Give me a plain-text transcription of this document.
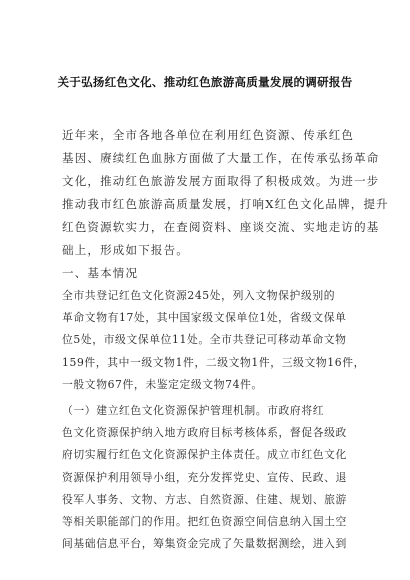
关于弘扬红色文化、推动红色旅游高质量发展的调研报告
近年来，全市各地各单位在利用红色资源、传承红色
基因、赓续红色血脉方面做了大量工作，在传承弘扬革命
文化，推动红色旅游发展方面取得了积极成效。为进一步
推动我市红色旅游高质量发展，打响X红色文化品牌，提升
红色资源软实力，在查阅资料、座谈交流、实地走访的基
础上，形成如下报告。
一、基本情况
全市共登记红色文化资源245处，列入文物保护级别的
革命文物有17处，其中国家级文保单位1处，省级文保单
位5处，市级文保单位11处。全市共登记可移动革命文物
159件，其中一级文物1件，二级文物1件，三级文物16件，
一般文物67件，未鉴定定级文物74件。
（一）建立红色文化资源保护管理机制。市政府将红
色文化资源保护纳入地方政府目标考核体系，督促各级政
府切实履行红色文化资源保护主体责任。成立市红色文化
资源保护利用领导小组，充分发挥党史、宣传、民政、退
役军人事务、文物、方志、自然资源、住建、规划、旅游
等相关职能部门的作用。把红色资源空间信息纳入国土空
间基础信息平台，筹集资金完成了矢量数据测绘，进入到
